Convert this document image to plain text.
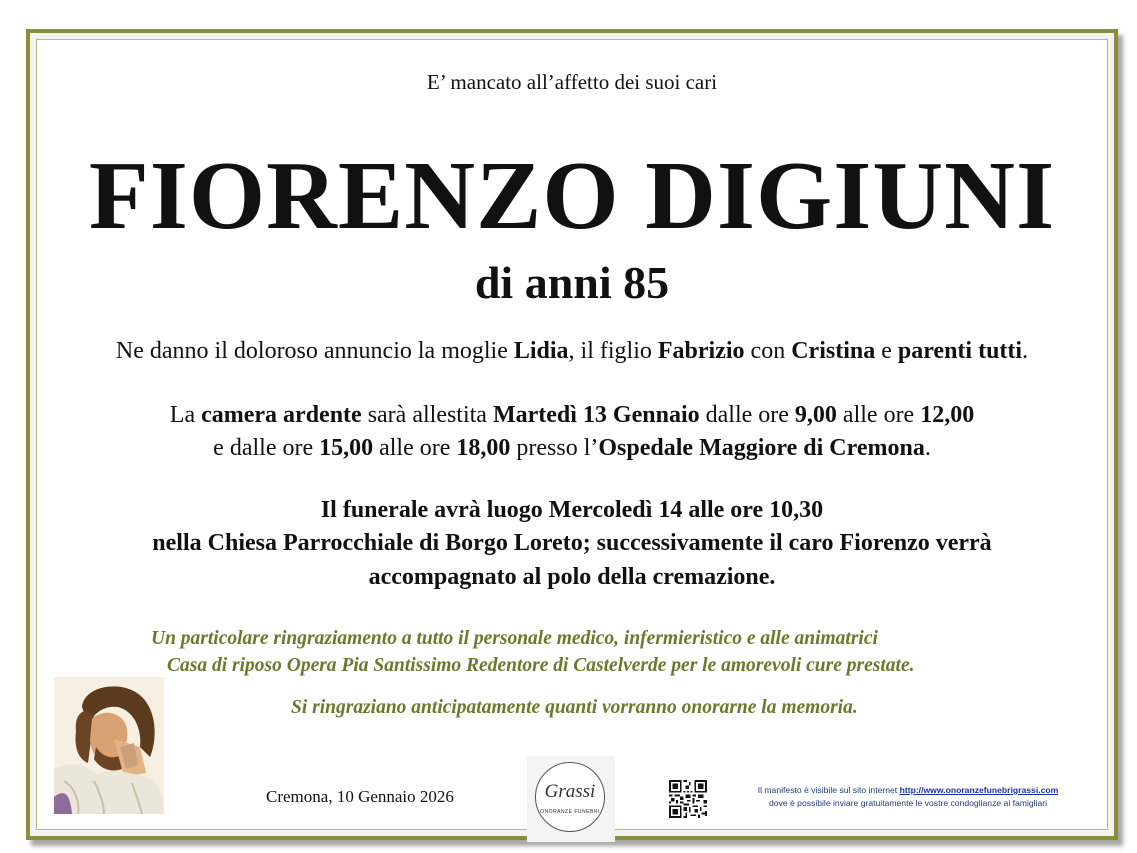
E’ mancato all’affetto dei suoi cari
FIORENZO DIGIUNI
di anni 85
Ne danno il doloroso annuncio la moglie Lidia, il figlio Fabrizio con Cristina e parenti tutti.
La camera ardente sarà allestita Martedì 13 Gennaio dalle ore 9,00 alle ore 12,00
e dalle ore 15,00 alle ore 18,00 presso l’Ospedale Maggiore di Cremona.
Il funerale avrà luogo Mercoledì 14 alle ore 10,30
nella Chiesa Parrocchiale di Borgo Loreto; successivamente il caro Fiorenzo verrà
accompagnato al polo della cremazione.
Un particolare ringraziamento a tutto il personale medico, infermieristico e alle animatrici
Casa di riposo Opera Pia Santissimo Redentore di Castelverde per le amorevoli cure prestate.
Si ringraziano anticipatamente quanti vorranno onorarne la memoria.
Cremona, 10 Gennaio 2026	Grassi
ONORANZE FUNEBRI
Il manifesto è visibile sul sito internet http://www.onoranzefunebrigrassi.com
dove è possibile inviare gratuitamente le vostre condoglianze ai famigliari
